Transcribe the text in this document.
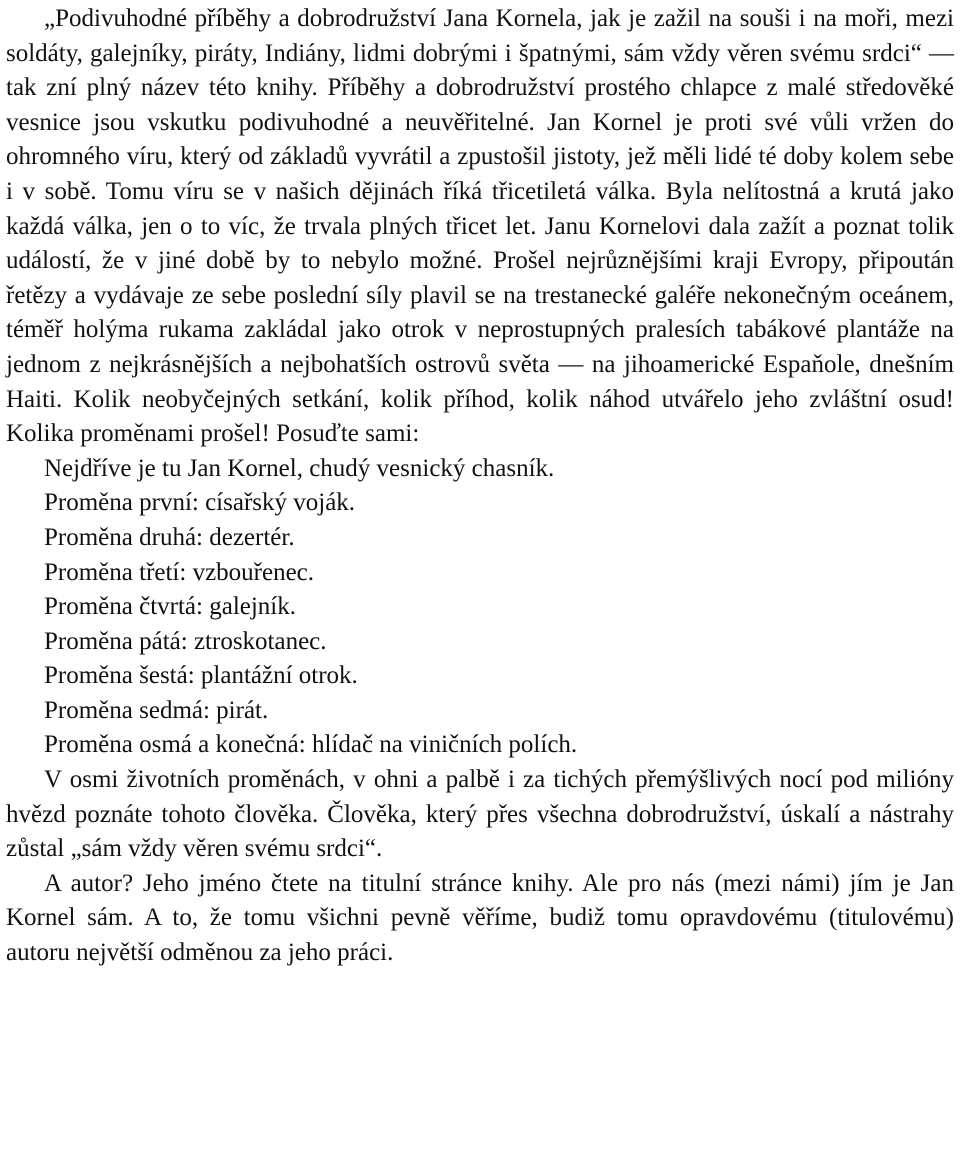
„Podivuhodné příběhy a dobrodružství Jana Kornela, jak je zažil na souši i na moři, mezi soldáty, galejníky, piráty, Indiány, lidmi dobrými i špatnými, sám vždy věren svému srdci“ — tak zní plný název této knihy. Příběhy a dobrodružství prostého chlapce z malé středověké vesnice jsou vskutku podivuhodné a neuvěřitelné. Jan Kornel je proti své vůli vržen do ohromného víru, který od základů vyvrátil a zpustošil jistoty, jež měli lidé té doby kolem sebe i v sobě. Tomu víru se v našich dějinách říká třicetiletá válka. Byla nelítostná a krutá jako každá válka, jen o to víc, že trvala plných třicet let. Janu Kornelovi dala zažít a poznat tolik událostí, že v jiné době by to nebylo možné. Prošel nejrůznějšími kraji Evropy, připoután řetězy a vydávaje ze sebe poslední síly plavil se na trestanecké galéře nekonečným oceánem, téměř holýma rukama zakládal jako otrok v neprostupných pralesích tabákové plantáže na jednom z nejkrásnějších a nejbohatších ostrovů světa — na jihoamerické Espaňole, dnešním Haiti. Kolik neobyčejných setkání, kolik příhod, kolik náhod utvářelo jeho zvláštní osud! Kolika proměnami prošel! Posuďte sami:

Nejdříve je tu Jan Kornel, chudý vesnický chasník.
Proměna první: císařský voják.
Proměna druhá: dezertér.
Proměna třetí: vzbouřenec.
Proměna čtvrtá: galejník.
Proměna pátá: ztroskotanec.
Proměna šestá: plantážní otrok.
Proměna sedmá: pirát.
Proměna osmá a konečná: hlídač na viničních polích.

V osmi životních proměnách, v ohni a palbě i za tichých přemýšlivých nocí pod milióny hvězd poznáte tohoto člověka. Člověka, který přes všechna dobrodružství, úskalí a nástrahy zůstal „sám vždy věren svému srdci“.

A autor? Jeho jméno čtete na titulní stránce knihy. Ale pro nás (mezi námi) jím je Jan Kornel sám. A to, že tomu všichni pevně věříme, budiž tomu opravdovému (titulovému) autoru největší odměnou za jeho práci.
